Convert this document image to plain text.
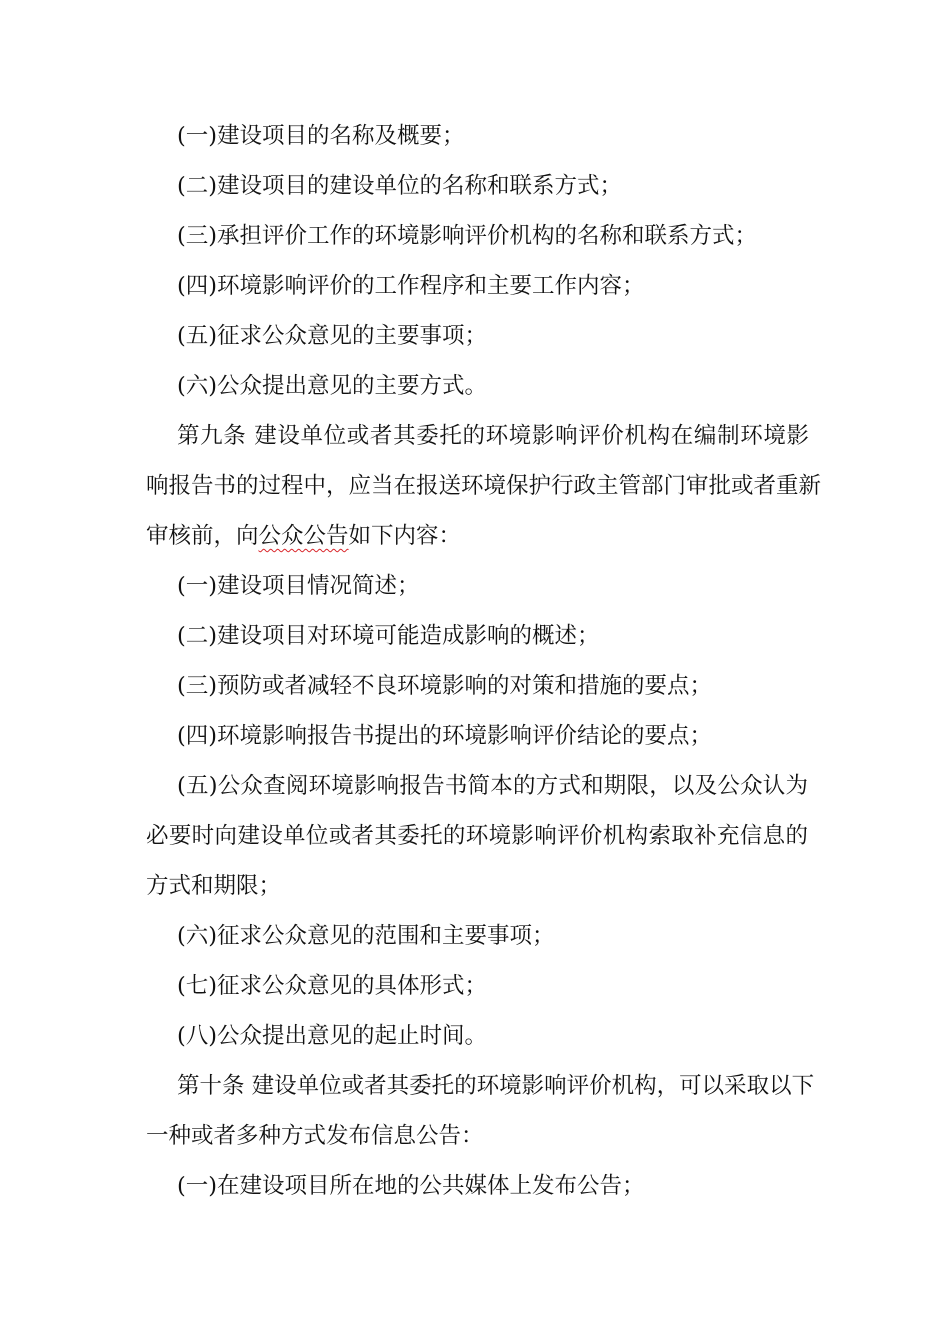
(一)建设项目的名称及概要；

(二)建设项目的建设单位的名称和联系方式；

(三)承担评价工作的环境影响评价机构的名称和联系方式；

(四)环境影响评价的工作程序和主要工作内容；

(五)征求公众意见的主要事项；

(六)公众提出意见的主要方式。

第九条 建设单位或者其委托的环境影响评价机构在编制环境影

响报告书的过程中，应当在报送环境保护行政主管部门审批或者重新

审核前，向公众公告如下内容：

(一)建设项目情况简述；

(二)建设项目对环境可能造成影响的概述；

(三)预防或者减轻不良环境影响的对策和措施的要点；

(四)环境影响报告书提出的环境影响评价结论的要点；

(五)公众查阅环境影响报告书简本的方式和期限，以及公众认为

必要时向建设单位或者其委托的环境影响评价机构索取补充信息的

方式和期限；

(六)征求公众意见的范围和主要事项；

(七)征求公众意见的具体形式；

(八)公众提出意见的起止时间。

第十条 建设单位或者其委托的环境影响评价机构，可以采取以下

一种或者多种方式发布信息公告：

(一)在建设项目所在地的公共媒体上发布公告；
